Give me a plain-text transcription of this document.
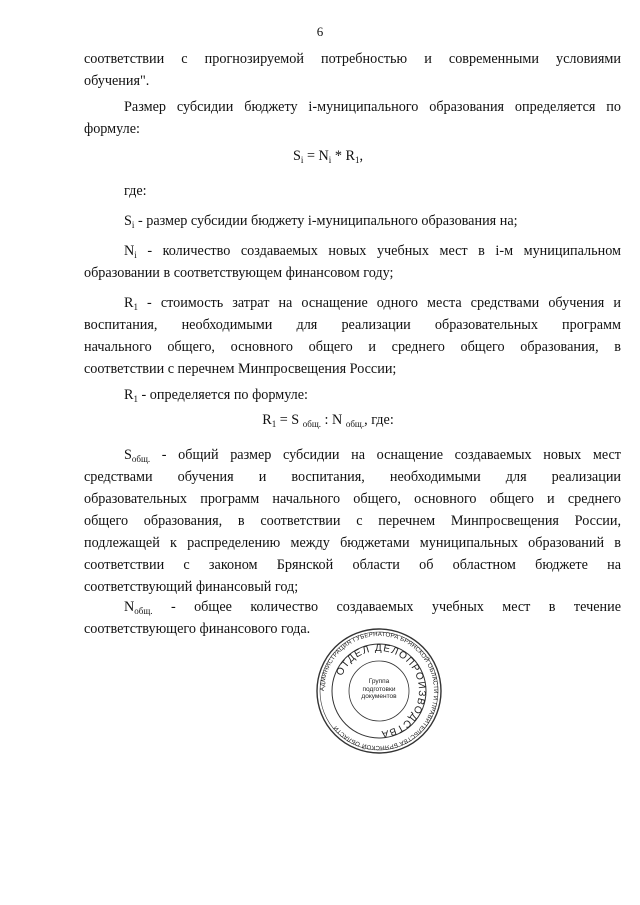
6
соответствии с прогнозируемой потребностью и современными условиями
обучения".
Размер субсидии бюджету i-муниципального образования определяется по
формуле:
$S_i = N_i * R_1$,
где:
$S_i$ - размер субсидии бюджету i-муниципального образования на;
$N_i$ - количество создаваемых новых учебных мест в i-м муниципальном
образовании в соответствующем финансовом году;
$R_1$ - стоимость затрат на оснащение одного места средствами обучения и
воспитания, необходимыми для реализации образовательных программ
начального общего, основного общего и среднего общего образования, в
соответствии с перечнем Минпросвещения России;
$R_1$ - определяется по формуле:
$R_1 = S$ $_{общ.}$ : N $_{общ.}$, где:
$S_{общ.}$ - общий размер субсидии на оснащение создаваемых новых мест
средствами обучения и воспитания, необходимыми для реализации
образовательных программ начального общего, основного общего и среднего
общего образования, в соответствии с перечнем Минпросвещения России,
подлежащей к распределению между бюджетами муниципальных образований в
соответствии с законом Брянской области об областном бюджете на
соответствующий финансовый год;
$N_{общ.}$ - общее количество создаваемых учебных мест в течение
соответствующего финансового года.
АДМИНИСТРАЦИЯ ГУБЕРНАТОРА БРЯНСКОЙ ОБЛАСТИ И ПРАВИТЕЛЬСТВА БРЯНСКОЙ ОБЛАСТИ
ОТДЕЛ ДЕЛОПРОИЗВОДСТВА
Группа
подготовки
документов
